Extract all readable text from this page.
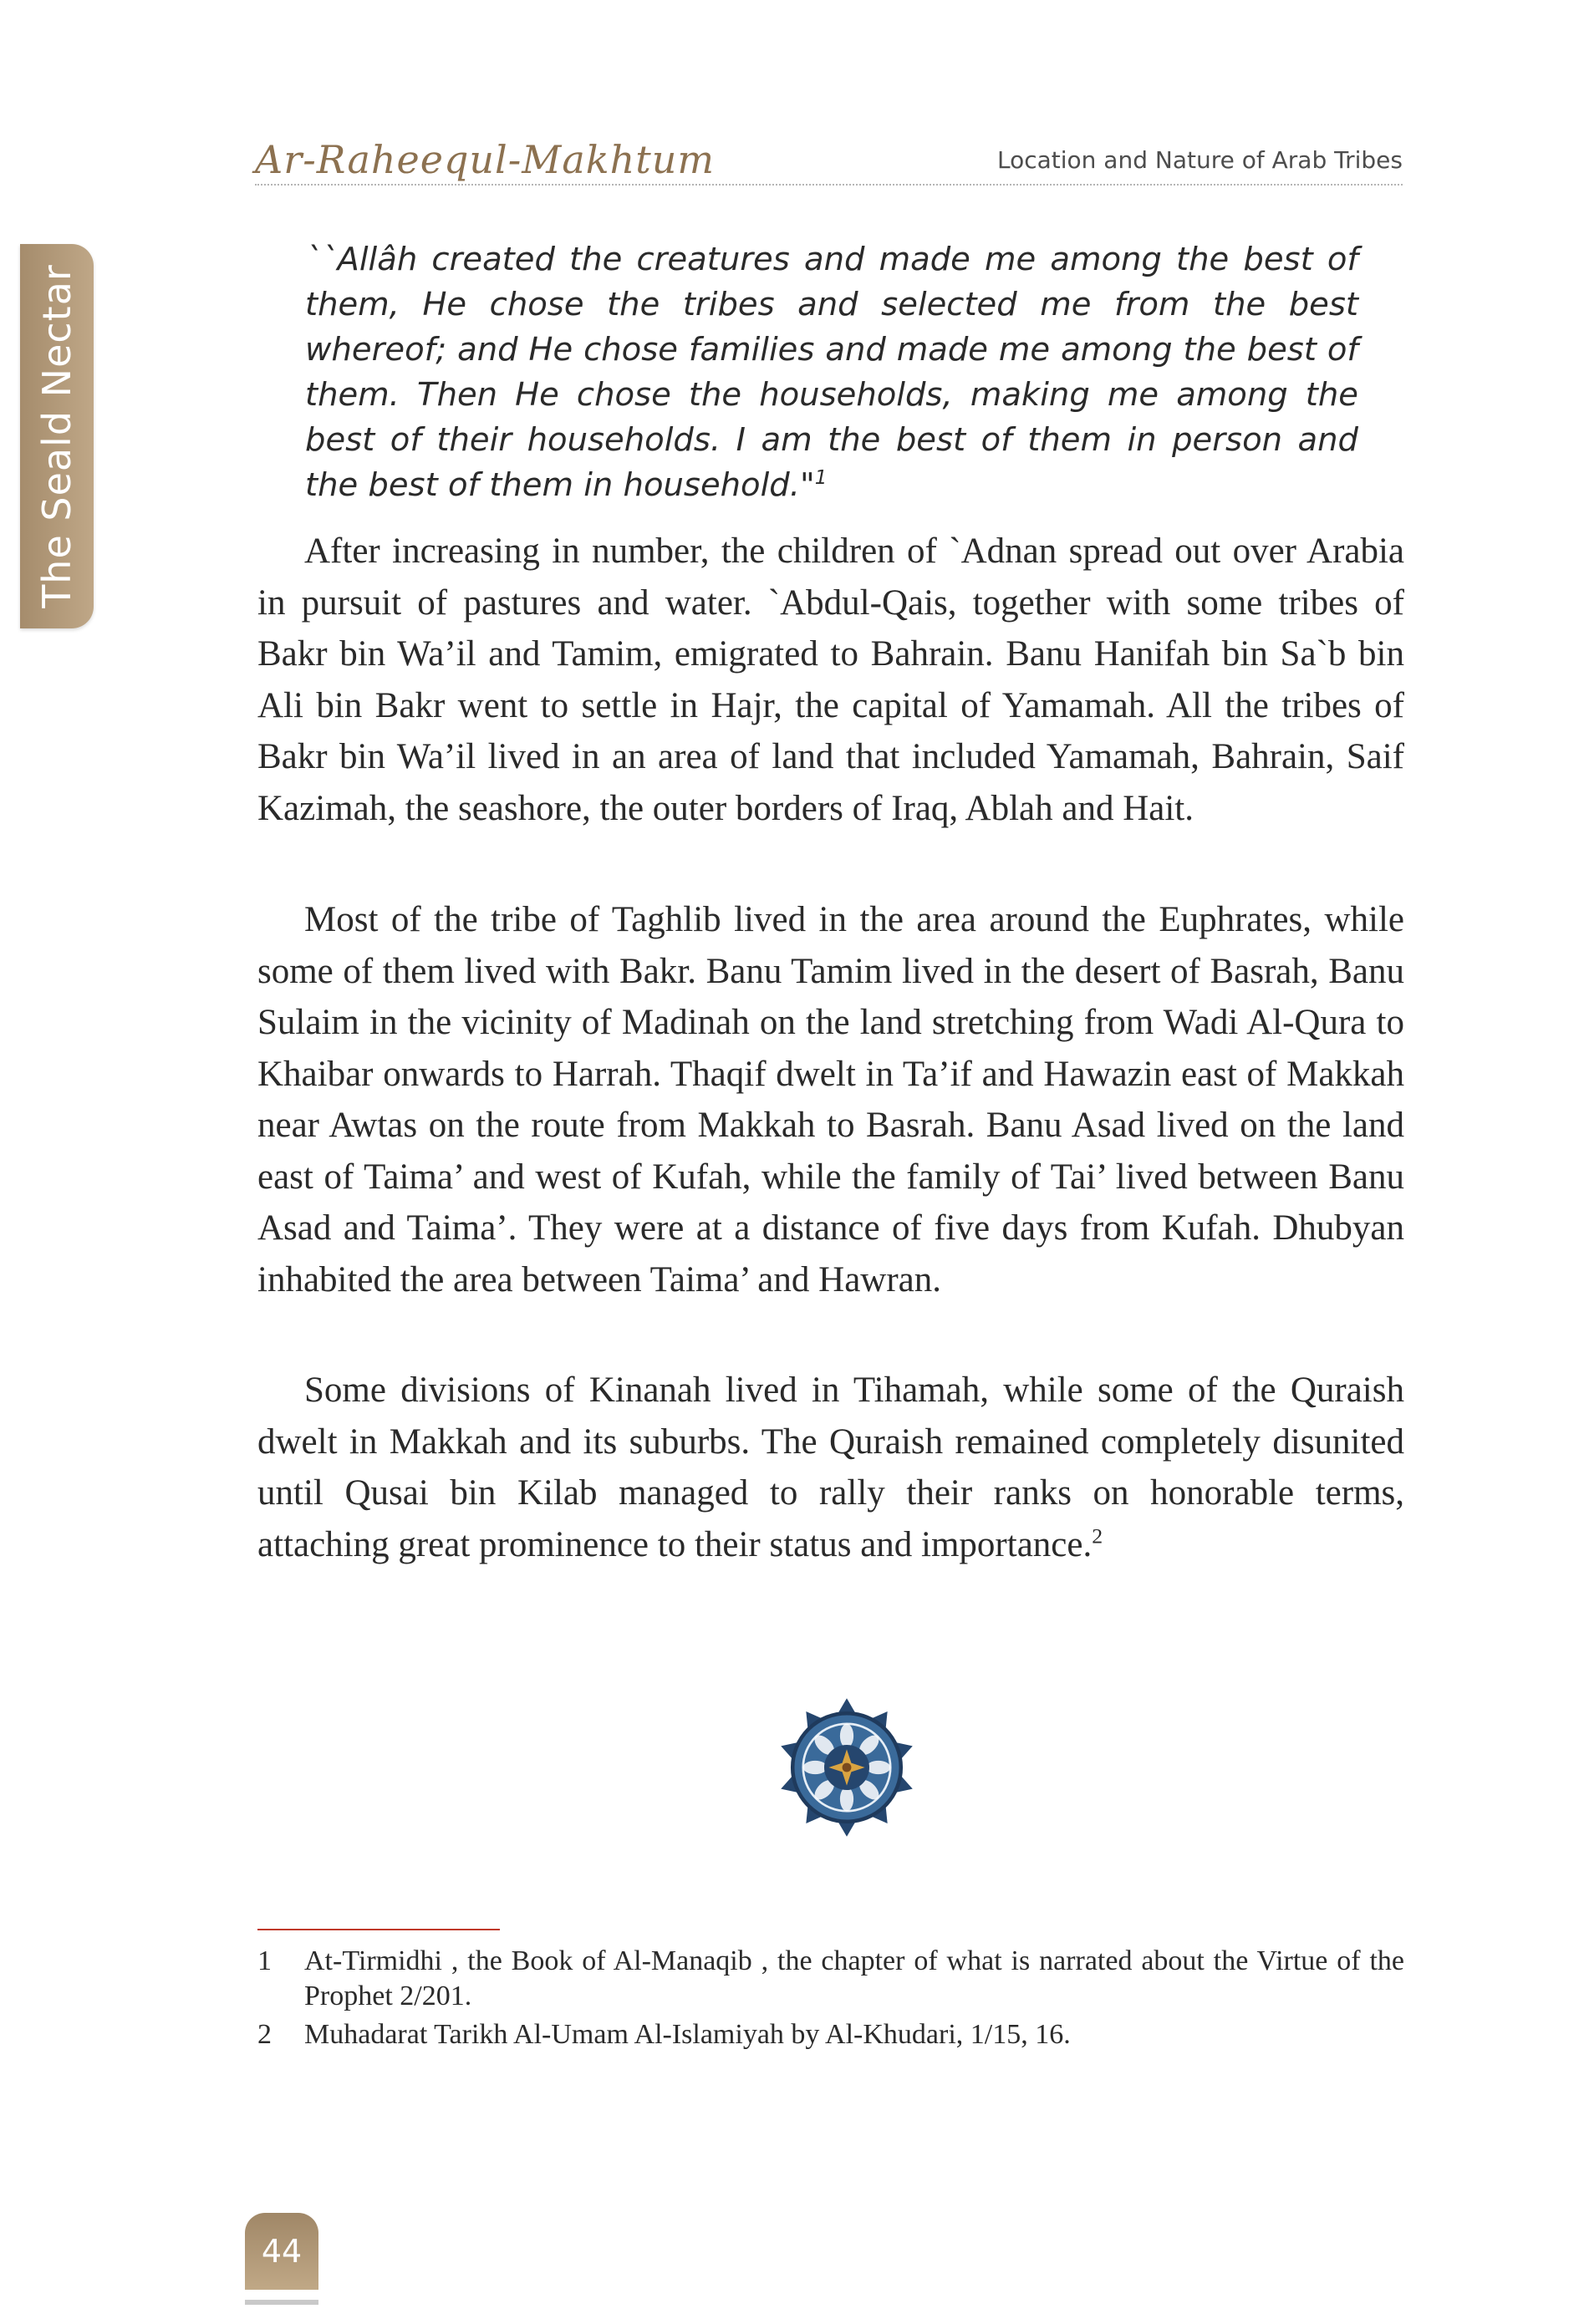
The Seald Nectar
Ar-Raheequl-Makhtum	Location and Nature of Arab Tribes
``Allâh created the creatures and made me among the best of them, He chose the tribes and selected me from the best whereof; and He chose families and made me among the best of them. Then He chose the households, making me among the best of their households. I am the best of them in person and the best of them in household."$^1$

After increasing in number, the children of `Adnan spread out over Arabia in pursuit of pastures and water. `Abdul-Qais, together with some tribes of Bakr bin Wa’il and Tamim, emigrated to Bahrain. Banu Hanifah bin Sa`b bin Ali bin Bakr went to settle in Hajr, the capital of Yamamah. All the tribes of Bakr bin Wa’il lived in an area of land that included Yamamah, Bahrain, Saif Kazimah, the seashore, the outer borders of Iraq, Ablah and Hait.

Most of the tribe of Taghlib lived in the area around the Euphrates, while some of them lived with Bakr. Banu Tamim lived in the desert of Basrah, Banu Sulaim in the vicinity of Madinah on the land stretching from Wadi Al-Qura to Khaibar onwards to Harrah. Thaqif dwelt in Ta’if and Hawazin east of Makkah near Awtas on the route from Makkah to Basrah. Banu Asad lived on the land east of Taima’ and west of Kufah, while the family of Tai’ lived between Banu Asad and Taima’. They were at a distance of five days from Kufah. Dhubyan inhabited the area between Taima’ and Hawran.

Some divisions of Kinanah lived in Tihamah, while some of the Quraish dwelt in Makkah and its suburbs. The Quraish remained completely disunited until Qusai bin Kilab managed to rally their ranks on honorable terms, attaching great prominence to their status and importance.$^2$

1 At-Tirmidhi , the Book of Al-Manaqib , the chapter of what is narrated about the Virtue of the Prophet 2/201.
2 Muhadarat Tarikh Al-Umam Al-Islamiyah by Al-Khudari, 1/15, 16.
44
